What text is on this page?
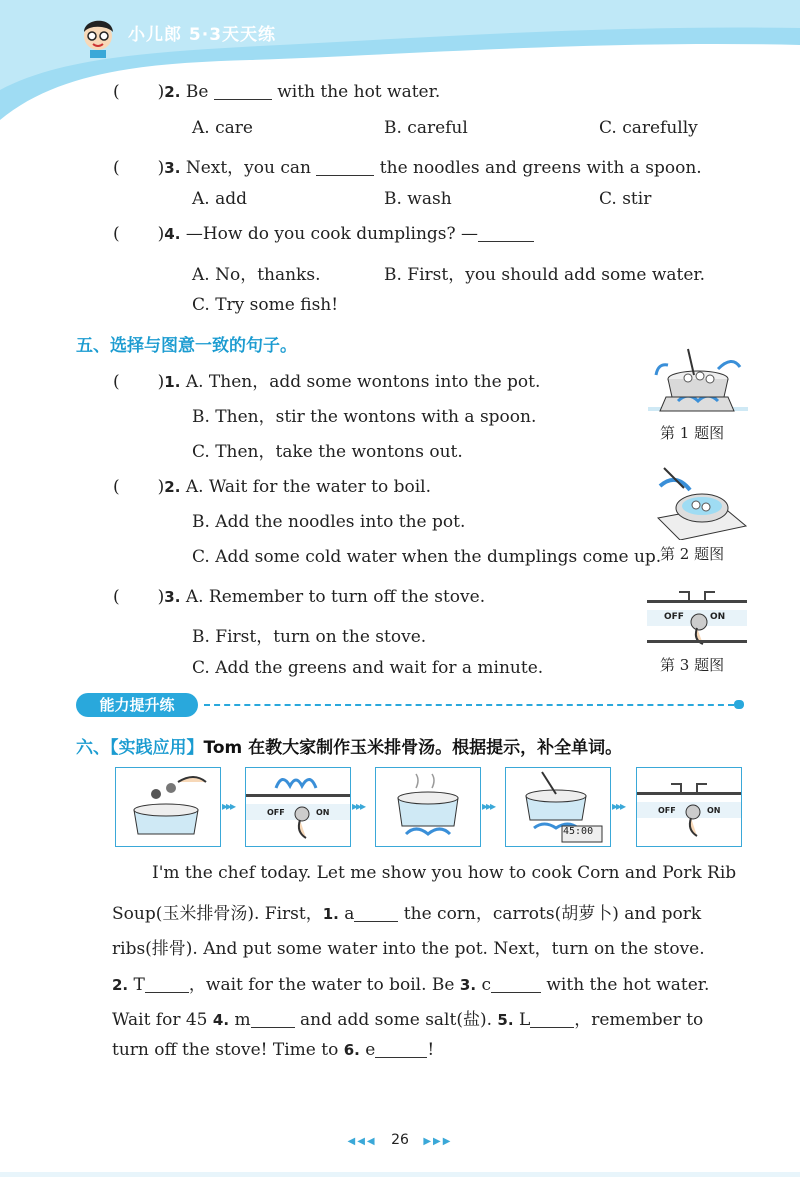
小儿郎 5·3天天练
( )2. Be	with the hot water.
A. care	B. careful	C. carefully
( )3. Next，you can	the noodles and greens with a spoon.
A. add	B. wash	C. stir
( )4. —How do you cook dumplings? —
A. No，thanks.	B. First，you should add some water.
C. Try some fish!
五、选择与图意一致的句子。
( )1. A. Then，add some wontons into the pot.
B. Then，stir the wontons with a spoon.
C. Then，take the wontons out.
第 1 题图
( )2. A. Wait for the water to boil.
B. Add the noodles into the pot.
C. Add some cold water when the dumplings come up.
第 2 题图
( )3. A. Remember to turn off the stove.
B. First，turn on the stove.
C. Add the greens and wait for a minute.
OFF	ON
第 3 题图
能力提升练
六、【实践应用】Tom 在教大家制作玉米排骨汤。根据提示，补全单词。
▸▸▸	OFF	ON ▸▸▸	▸▸▸
45:00
▸▸▸	OFF	ON
I'm the chef today. Let me show you how to cook Corn and Pork Rib
Soup(玉米排骨汤). First，1. a	the corn，carrots(胡萝卜) and pork
ribs(排骨). And put some water into the pot. Next，turn on the stove.
2. T	，wait for the water to boil. Be 3. c	with the hot water.
Wait for 45 4. m	and add some salt(盐). 5. L	，remember to
turn off the stove! Time to 6. e	!
◀◀◀ 26 ▶▶▶
